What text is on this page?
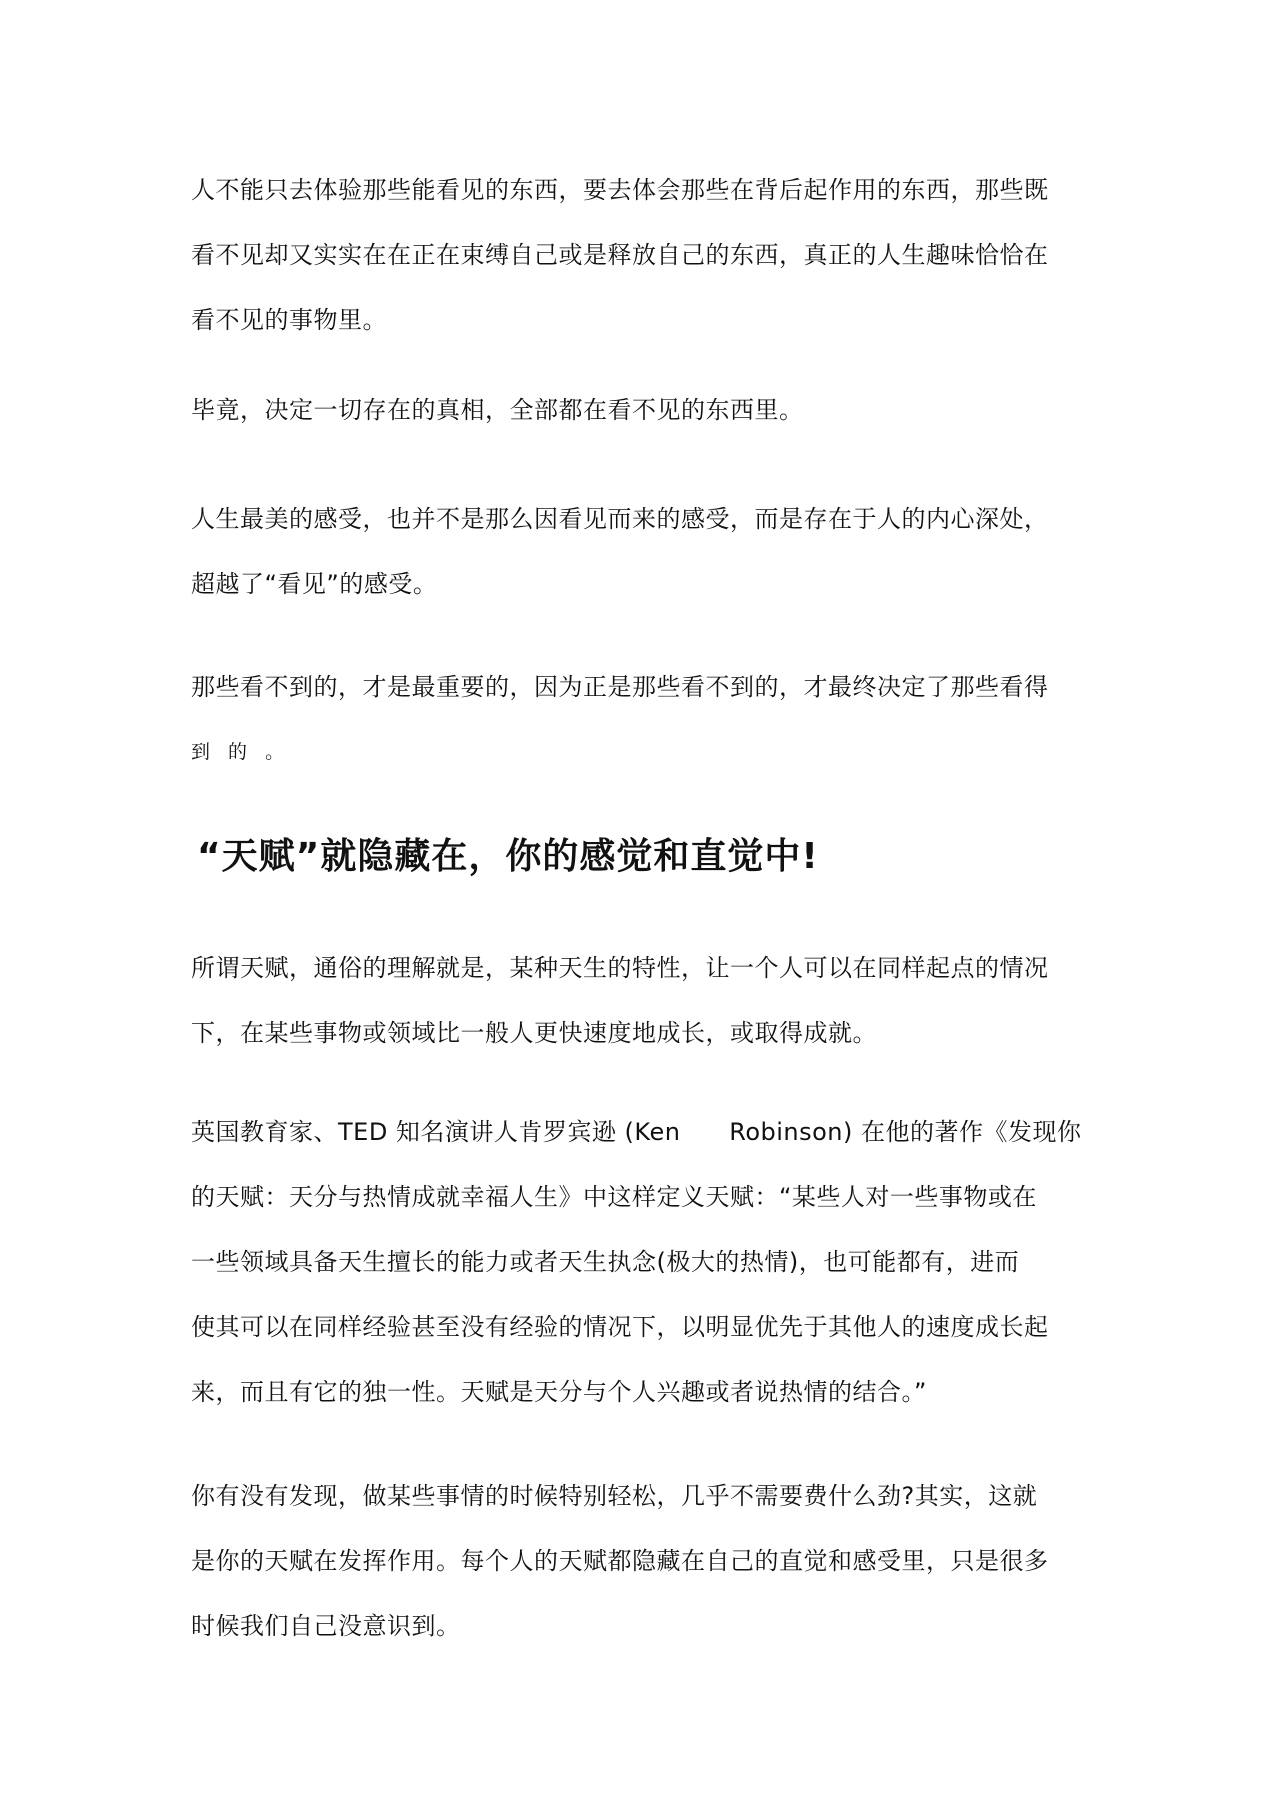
人不能只去体验那些能看见的东西，要去体会那些在背后起作用的东西，那些既
看不见却又实实在在正在束缚自己或是释放自己的东西，真正的人生趣味恰恰在
看不见的事物里。
毕竟，决定一切存在的真相，全部都在看不见的东西里。
人生最美的感受，也并不是那么因看见而来的感受，而是存在于人的内心深处，
超越了“看见”的感受。
那些看不到的，才是最重要的，因为正是那些看不到的，才最终决定了那些看得
到 的 。
“天赋”就隐藏在，你的感觉和直觉中!
所谓天赋，通俗的理解就是，某种天生的特性，让一个人可以在同样起点的情况
下，在某些事物或领域比一般人更快速度地成长，或取得成就。
英国教育家、TED 知名演讲人肯罗宾逊 (Ken      Robinson) 在他的著作《发现你
的天赋：天分与热情成就幸福人生》中这样定义天赋：“某些人对一些事物或在
一些领域具备天生擅长的能力或者天生执念(极大的热情)，也可能都有，进而
使其可以在同样经验甚至没有经验的情况下，以明显优先于其他人的速度成长起
来，而且有它的独一性。天赋是天分与个人兴趣或者说热情的结合。”
你有没有发现，做某些事情的时候特别轻松，几乎不需要费什么劲?其实，这就
是你的天赋在发挥作用。每个人的天赋都隐藏在自己的直觉和感受里，只是很多
时候我们自己没意识到。
